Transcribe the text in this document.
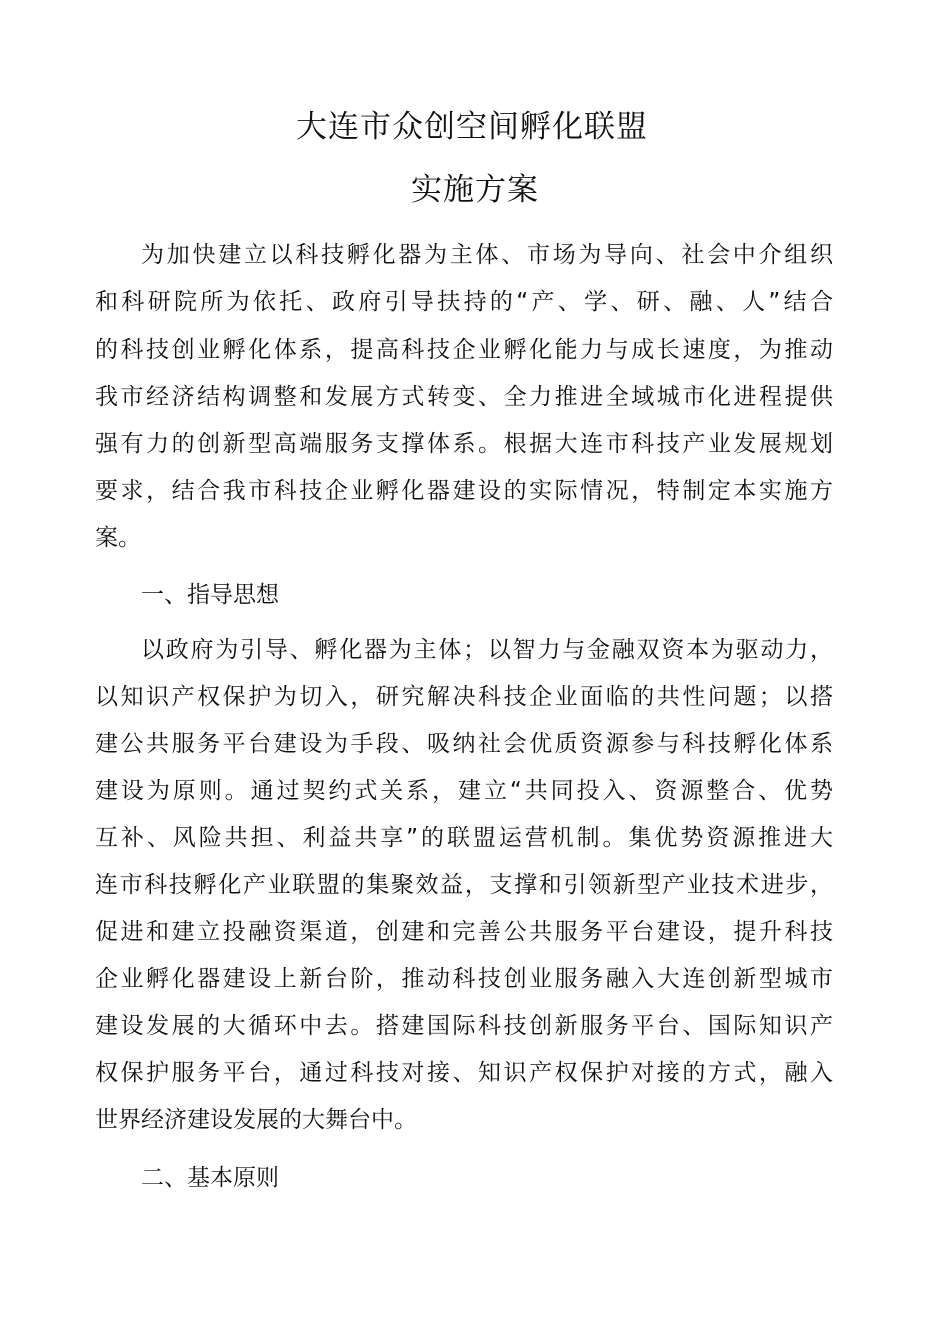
大连市众创空间孵化联盟
实施方案

为加快建立以科技孵化器为主体、市场为导向、社会中介组织

和科研院所为依托、政府引导扶持的“产、学、研、融、人”结合

的科技创业孵化体系，提高科技企业孵化能力与成长速度，为推动

我市经济结构调整和发展方式转变、全力推进全域城市化进程提供

强有力的创新型高端服务支撑体系。根据大连市科技产业发展规划

要求，结合我市科技企业孵化器建设的实际情况，特制定本实施方

案。

一、指导思想

以政府为引导、孵化器为主体；以智力与金融双资本为驱动力，

以知识产权保护为切入，研究解决科技企业面临的共性问题；以搭

建公共服务平台建设为手段、吸纳社会优质资源参与科技孵化体系

建设为原则。通过契约式关系，建立“共同投入、资源整合、优势

互补、风险共担、利益共享”的联盟运营机制。集优势资源推进大

连市科技孵化产业联盟的集聚效益，支撑和引领新型产业技术进步，

促进和建立投融资渠道，创建和完善公共服务平台建设，提升科技

企业孵化器建设上新台阶，推动科技创业服务融入大连创新型城市

建设发展的大循环中去。搭建国际科技创新服务平台、国际知识产

权保护服务平台，通过科技对接、知识产权保护对接的方式，融入

世界经济建设发展的大舞台中。

二、基本原则
